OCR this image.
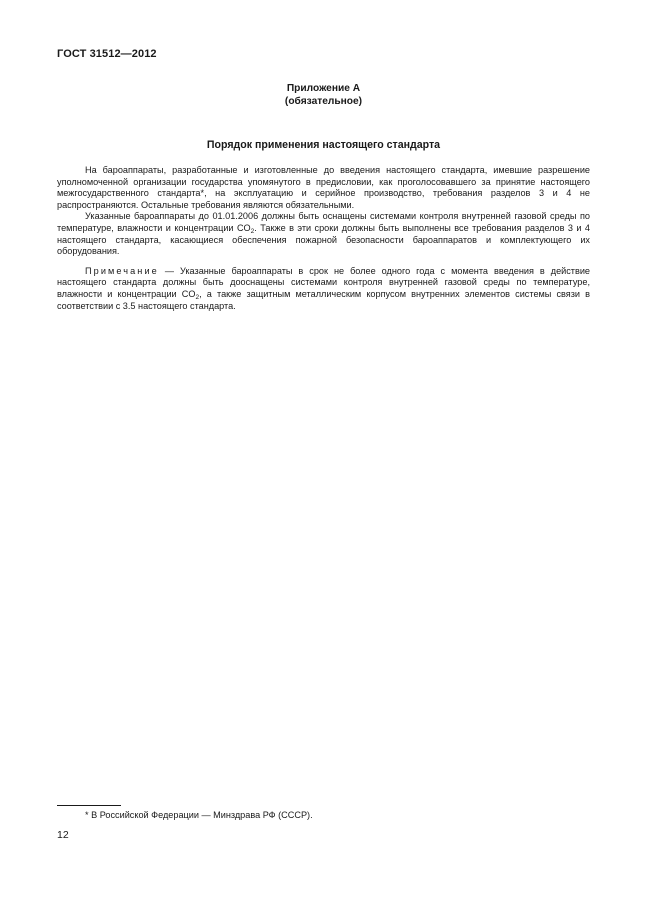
ГОСТ 31512—2012
Приложение А
(обязательное)
Порядок применения настоящего стандарта

На бароаппараты, разработанные и изготовленные до введения настоящего стандарта, имевшие разрешение уполномоченной организации государства упомянутого в предисловии, как проголосовавшего за принятие настоящего межгосударственного стандарта*, на эксплуатацию и серийное производство, требования разделов 3 и 4 не распространяются. Остальные требования являются обязательными.

Указанные бароаппараты до 01.01.2006 должны быть оснащены системами контроля внутренней газовой среды по температуре, влажности и концентрации $CO_2$. Также в эти сроки должны быть выполнены все требования разделов 3 и 4 настоящего стандарта, касающиеся обеспечения пожарной безопасности бароаппаратов и комплектующего их оборудования.

Примечание — Указанные бароаппараты в срок не более одного года с момента введения в действие настоящего стандарта должны быть дооснащены системами контроля внутренней газовой среды по температуре, влажности и концентрации $CO_2$, а также защитным металлическим корпусом внутренних элементов системы связи в соответствии с 3.5 настоящего стандарта.

* В Российской Федерации — Минздрава РФ (СССР).
12
